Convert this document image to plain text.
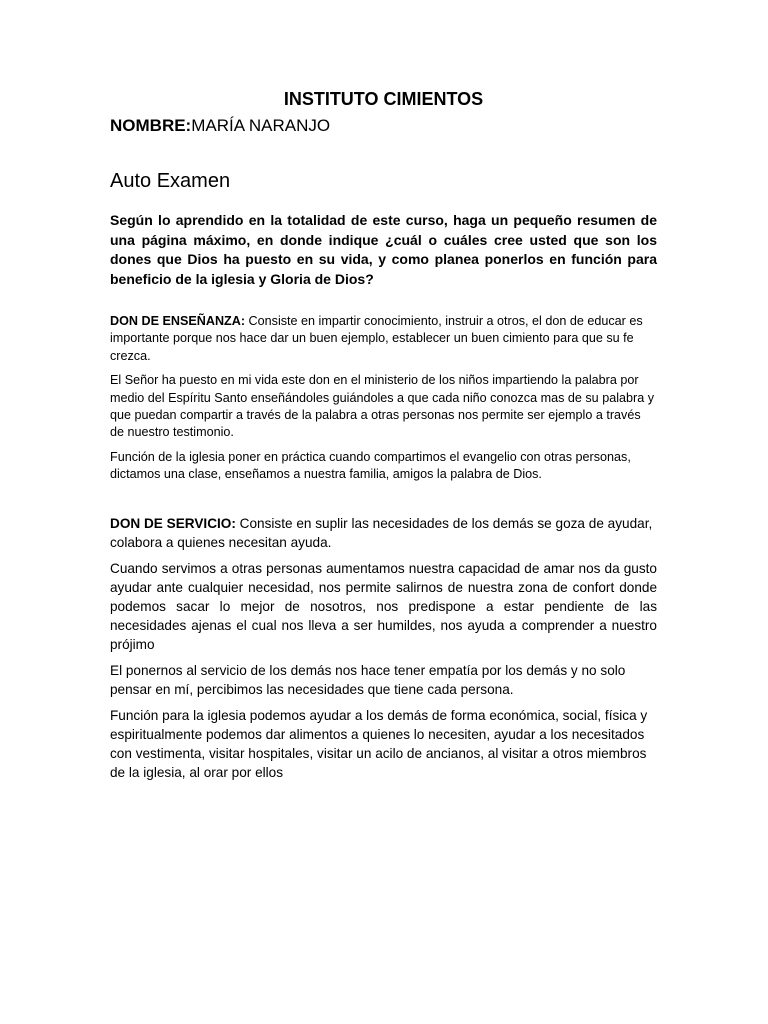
INSTITUTO CIMIENTOS

NOMBRE:MARÍA NARANJO

Auto Examen

Según lo aprendido en la totalidad de este curso, haga un pequeño resumen de una página máximo, en donde indique ¿cuál o cuáles cree usted que son los dones que Dios ha puesto en su vida, y como planea ponerlos en función para beneficio de la iglesia y Gloria de Dios?

DON DE ENSEÑANZA: Consiste en impartir conocimiento, instruir a otros, el don de educar es importante porque nos hace dar un buen ejemplo, establecer un buen cimiento para que su fe crezca.

El Señor ha puesto en mi vida este don en el ministerio de los niños impartiendo la palabra por medio del Espíritu Santo enseñándoles guiándoles a que cada niño conozca mas de su palabra y que puedan compartir a través de la palabra a otras personas nos permite ser ejemplo a través de nuestro testimonio.

Función de la iglesia poner en práctica cuando compartimos el evangelio con otras personas, dictamos una clase, enseñamos a nuestra familia, amigos la palabra de Dios.

DON DE SERVICIO: Consiste en suplir las necesidades de los demás se goza de ayudar, colabora a quienes necesitan ayuda.

Cuando servimos a otras personas aumentamos nuestra capacidad de amar nos da gusto ayudar ante cualquier necesidad, nos permite salirnos de nuestra zona de confort donde podemos sacar lo mejor de nosotros, nos predispone a estar pendiente de las necesidades ajenas el cual nos lleva a ser humildes, nos ayuda a comprender a nuestro prójimo

El ponernos al servicio de los demás nos hace tener empatía por los demás y no solo pensar en mí, percibimos las necesidades que tiene cada persona.

Función para la iglesia podemos ayudar a los demás de forma económica, social, física y espiritualmente podemos dar alimentos a quienes lo necesiten, ayudar a los necesitados con vestimenta, visitar hospitales, visitar un acilo de ancianos, al visitar a otros miembros de la iglesia, al orar por ellos
